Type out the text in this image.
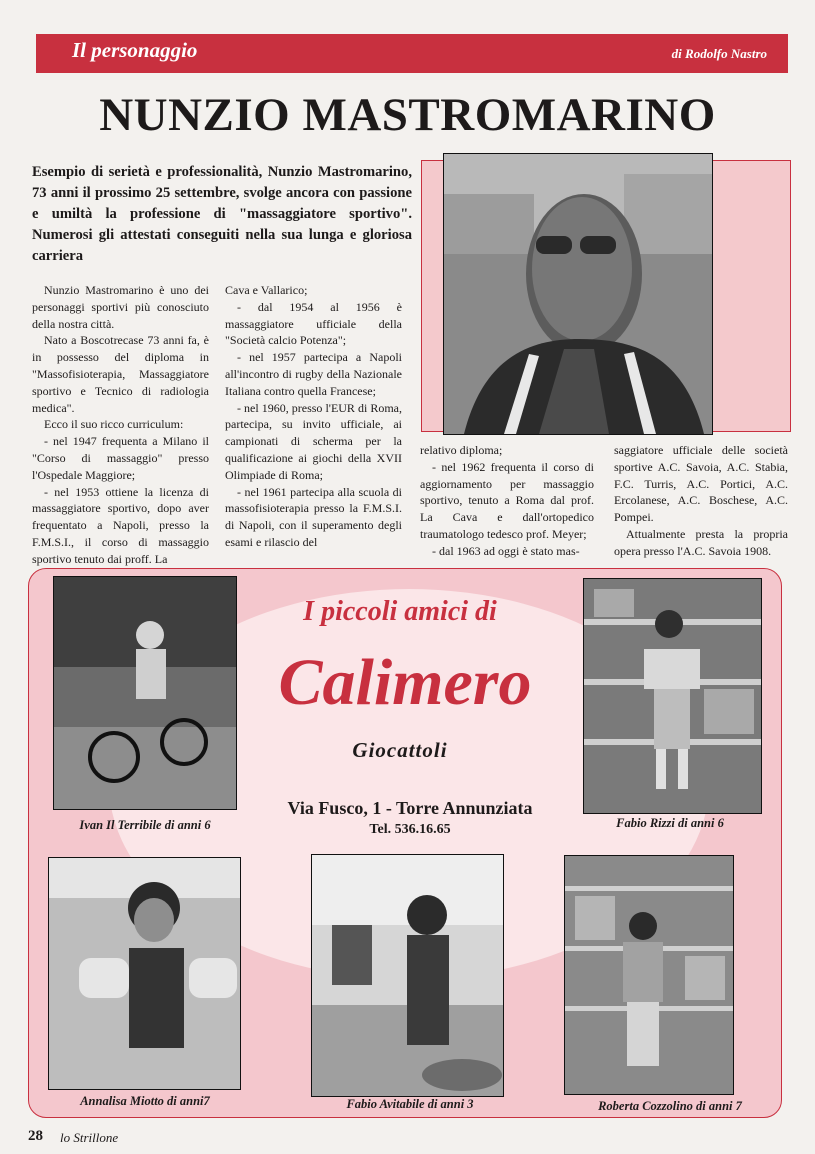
Il personaggio	di Rodolfo Nastro
NUNZIO MASTROMARINO
Esempio di serietà e professionalità, Nunzio Mastromarino, 73 anni il prossimo 25 settembre, svolge ancora con passione e umiltà la professione di "massaggiatore sportivo". Numerosi gli attestati conseguiti nella sua lunga e gloriosa carriera

Nunzio Mastromarino è uno dei personaggi sportivi più conosciuto della nostra città.

Nato a Boscotrecase 73 anni fa, è in possesso del diploma in "Massofisioterapia, Massaggiatore sportivo e Tecnico di radiologia medica".

Ecco il suo ricco curriculum:

- nel 1947 frequenta a Milano il "Corso di massaggio" presso l'Ospedale Maggiore;

- nel 1953 ottiene la licenza di massaggiatore sportivo, dopo aver frequentato a Napoli, presso la F.M.S.I., il corso di massaggio sportivo tenuto dai proff. La

Cava e Vallarico;

- dal 1954 al 1956 è massaggiatore ufficiale della "Società calcio Potenza";

- nel 1957 partecipa a Napoli all'incontro di rugby della Nazionale Italiana contro quella Francese;

- nel 1960, presso l'EUR di Roma, partecipa, su invito ufficiale, ai campionati di scherma per la qualificazione ai giochi della XVII Olimpiade di Roma;

- nel 1961 partecipa alla scuola di massofisioterapia presso la F.M.S.I. di Napoli, con il superamento degli esami e rilascio del

relativo diploma;

- nel 1962 frequenta il corso di aggiornamento per massaggio sportivo, tenuto a Roma dal prof. La Cava e dall'ortopedico traumatologo tedesco prof. Meyer;

- dal 1963 ad oggi è stato mas-

saggiatore ufficiale delle società sportive A.C. Savoia, A.C. Stabia, F.C. Turris, A.C. Portici, A.C. Ercolanese, A.C. Boschese, A.C. Pompei.

Attualmente presta la propria opera presso l'A.C. Savoia 1908.

I piccoli amici di
Calimero
Giocattoli
Via Fusco, 1 - Torre Annunziata
Tel. 536.16.65
Ivan Il Terribile di anni 6	Fabio Rizzi di anni 6
Annalisa Miotto di anni7	Fabio Avitabile di anni 3	Roberta Cozzolino di anni 7
28 lo Strillone
